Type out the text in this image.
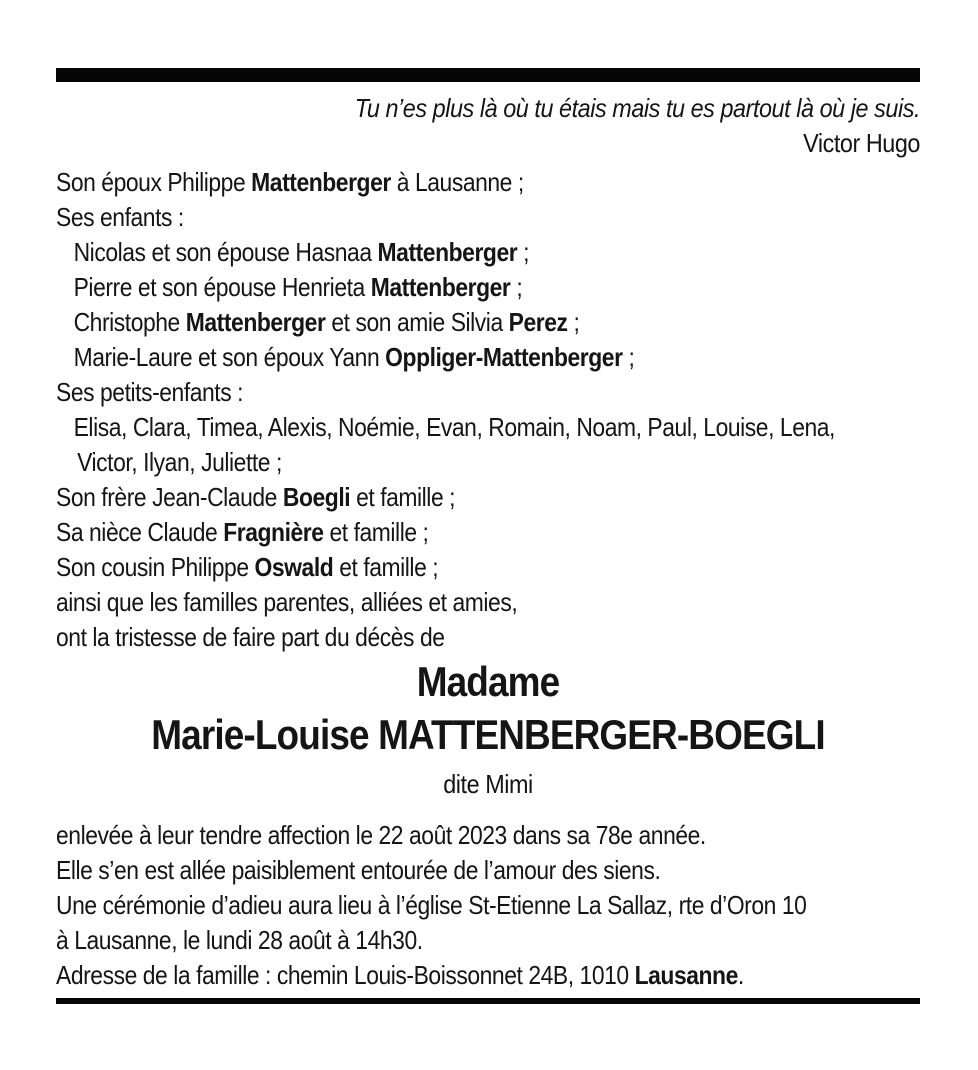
Tu n’es plus là où tu étais mais tu es partout là où je suis.
Victor Hugo
Son époux Philippe Mattenberger à Lausanne ;
Ses enfants :
Nicolas et son épouse Hasnaa Mattenberger ;
Pierre et son épouse Henrieta Mattenberger ;
Christophe Mattenberger et son amie Silvia Perez ;
Marie-Laure et son époux Yann Oppliger-Mattenberger ;
Ses petits-enfants :
Elisa, Clara, Timea, Alexis, Noémie, Evan, Romain, Noam, Paul, Louise, Lena,
Victor, Ilyan, Juliette ;
Son frère Jean-Claude Boegli et famille ;
Sa nièce Claude Fragnière et famille ;
Son cousin Philippe Oswald et famille ;
ainsi que les familles parentes, alliées et amies,
ont la tristesse de faire part du décès de
Madame
Marie-Louise MATTENBERGER-BOEGLI
dite Mimi
enlevée à leur tendre affection le 22 août 2023 dans sa 78e année.
Elle s’en est allée paisiblement entourée de l’amour des siens.
Une cérémonie d’adieu aura lieu à l’église St-Etienne La Sallaz, rte d’Oron 10
à Lausanne, le lundi 28 août à 14h30.
Adresse de la famille : chemin Louis-Boissonnet 24B, 1010 Lausanne.
